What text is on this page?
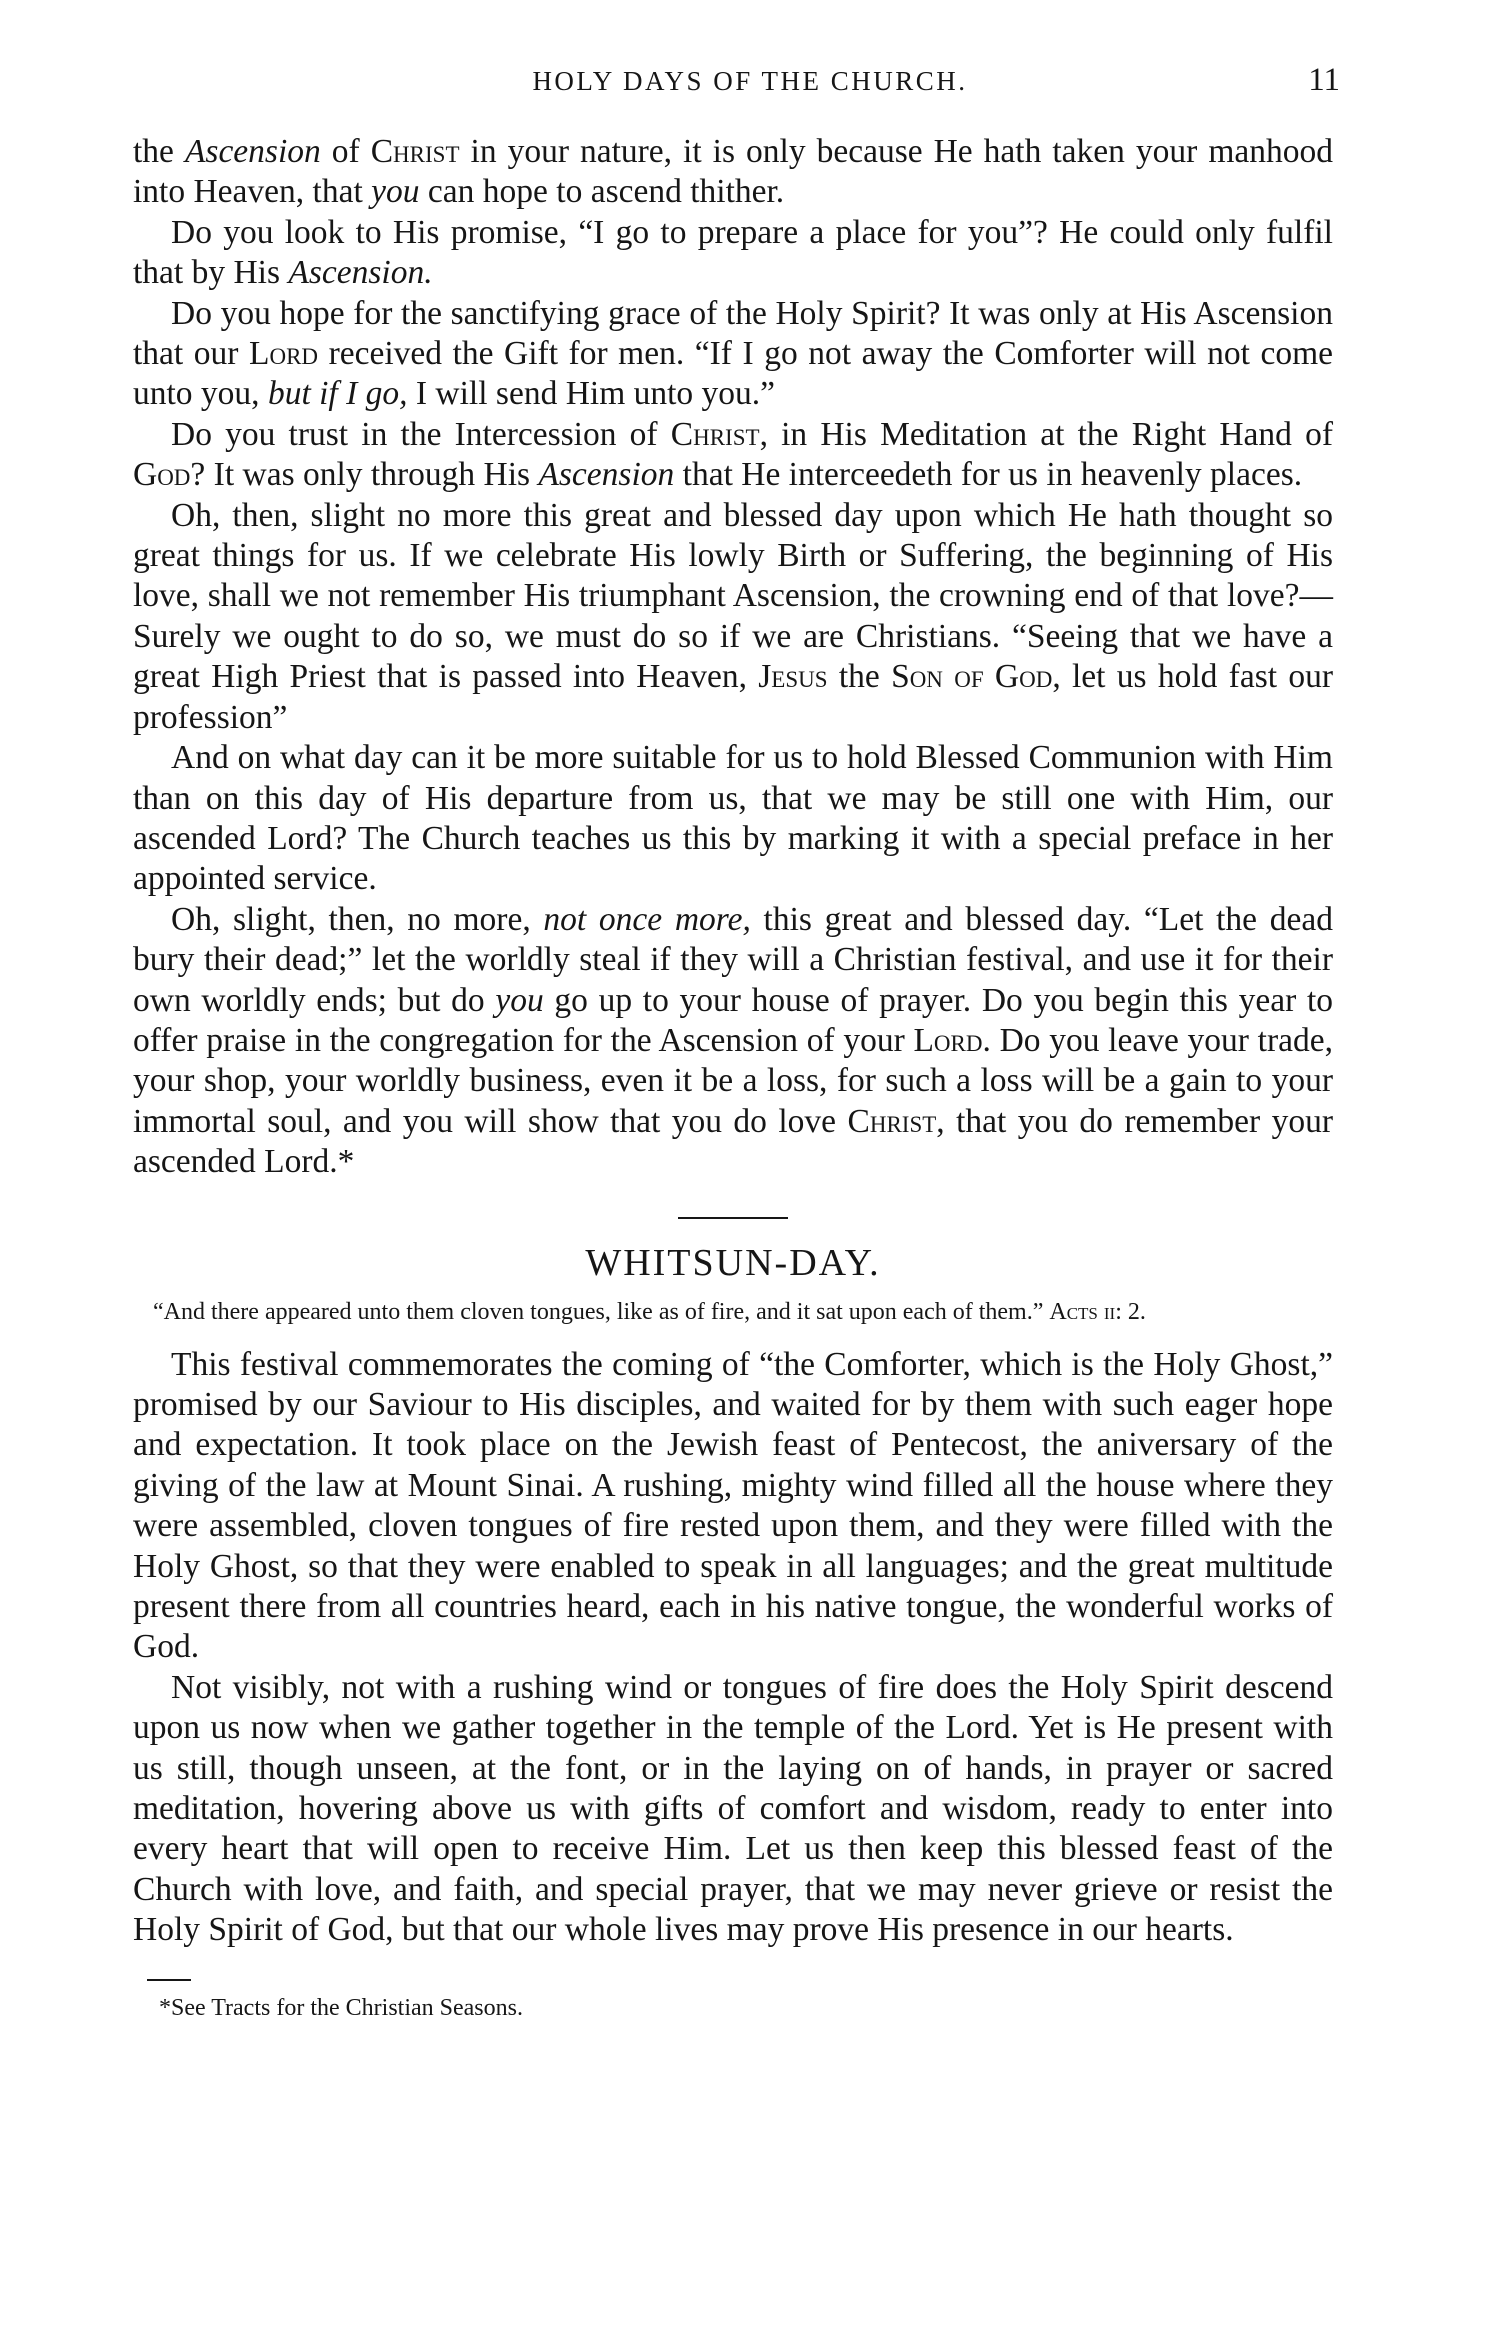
HOLY DAYS OF THE CHURCH.	11

the Ascension of Christ in your nature, it is only because He hath taken your manhood into Heaven, that you can hope to ascend thither.

Do you look to His promise, “I go to prepare a place for you”? He could only fulfil that by His Ascension.

Do you hope for the sanctifying grace of the Holy Spirit? It was only at His Ascension that our Lord received the Gift for men. “If I go not away the Comforter will not come unto you, but if I go, I will send Him unto you.”

Do you trust in the Intercession of Christ, in His Meditation at the Right Hand of God? It was only through His Ascension that He interceedeth for us in heavenly places.

Oh, then, slight no more this great and blessed day upon which He hath thought so great things for us. If we celebrate His lowly Birth or Suffering, the beginning of His love, shall we not remember His triumphant Ascension, the crowning end of that love?—Surely we ought to do so, we must do so if we are Christians. “Seeing that we have a great High Priest that is passed into Heaven, Jesus the Son of God, let us hold fast our profession”

And on what day can it be more suitable for us to hold Blessed Communion with Him than on this day of His departure from us, that we may be still one with Him, our ascended Lord? The Church teaches us this by marking it with a special preface in her appointed service.

Oh, slight, then, no more, not once more, this great and blessed day. “Let the dead bury their dead;” let the worldly steal if they will a Christian festival, and use it for their own worldly ends; but do you go up to your house of prayer. Do you begin this year to offer praise in the congregation for the Ascension of your Lord. Do you leave your trade, your shop, your worldly business, even it be a loss, for such a loss will be a gain to your immortal soul, and you will show that you do love Christ, that you do remember your ascended Lord.*

WHITSUN-DAY.

“And there appeared unto them cloven tongues, like as of fire, and it sat upon each of them.” Acts ii: 2.

This festival commemorates the coming of “the Comforter, which is the Holy Ghost,” promised by our Saviour to His disciples, and waited for by them with such eager hope and expectation. It took place on the Jewish feast of Pentecost, the aniversary of the giving of the law at Mount Sinai. A rushing, mighty wind filled all the house where they were assembled, cloven tongues of fire rested upon them, and they were filled with the Holy Ghost, so that they were enabled to speak in all languages; and the great multitude present there from all countries heard, each in his native tongue, the wonderful works of God.

Not visibly, not with a rushing wind or tongues of fire does the Holy Spirit descend upon us now when we gather together in the temple of the Lord. Yet is He present with us still, though unseen, at the font, or in the laying on of hands, in prayer or sacred meditation, hovering above us with gifts of comfort and wisdom, ready to enter into every heart that will open to receive Him. Let us then keep this blessed feast of the Church with love, and faith, and special prayer, that we may never grieve or resist the Holy Spirit of God, but that our whole lives may prove His presence in our hearts.

*See Tracts for the Christian Seasons.
